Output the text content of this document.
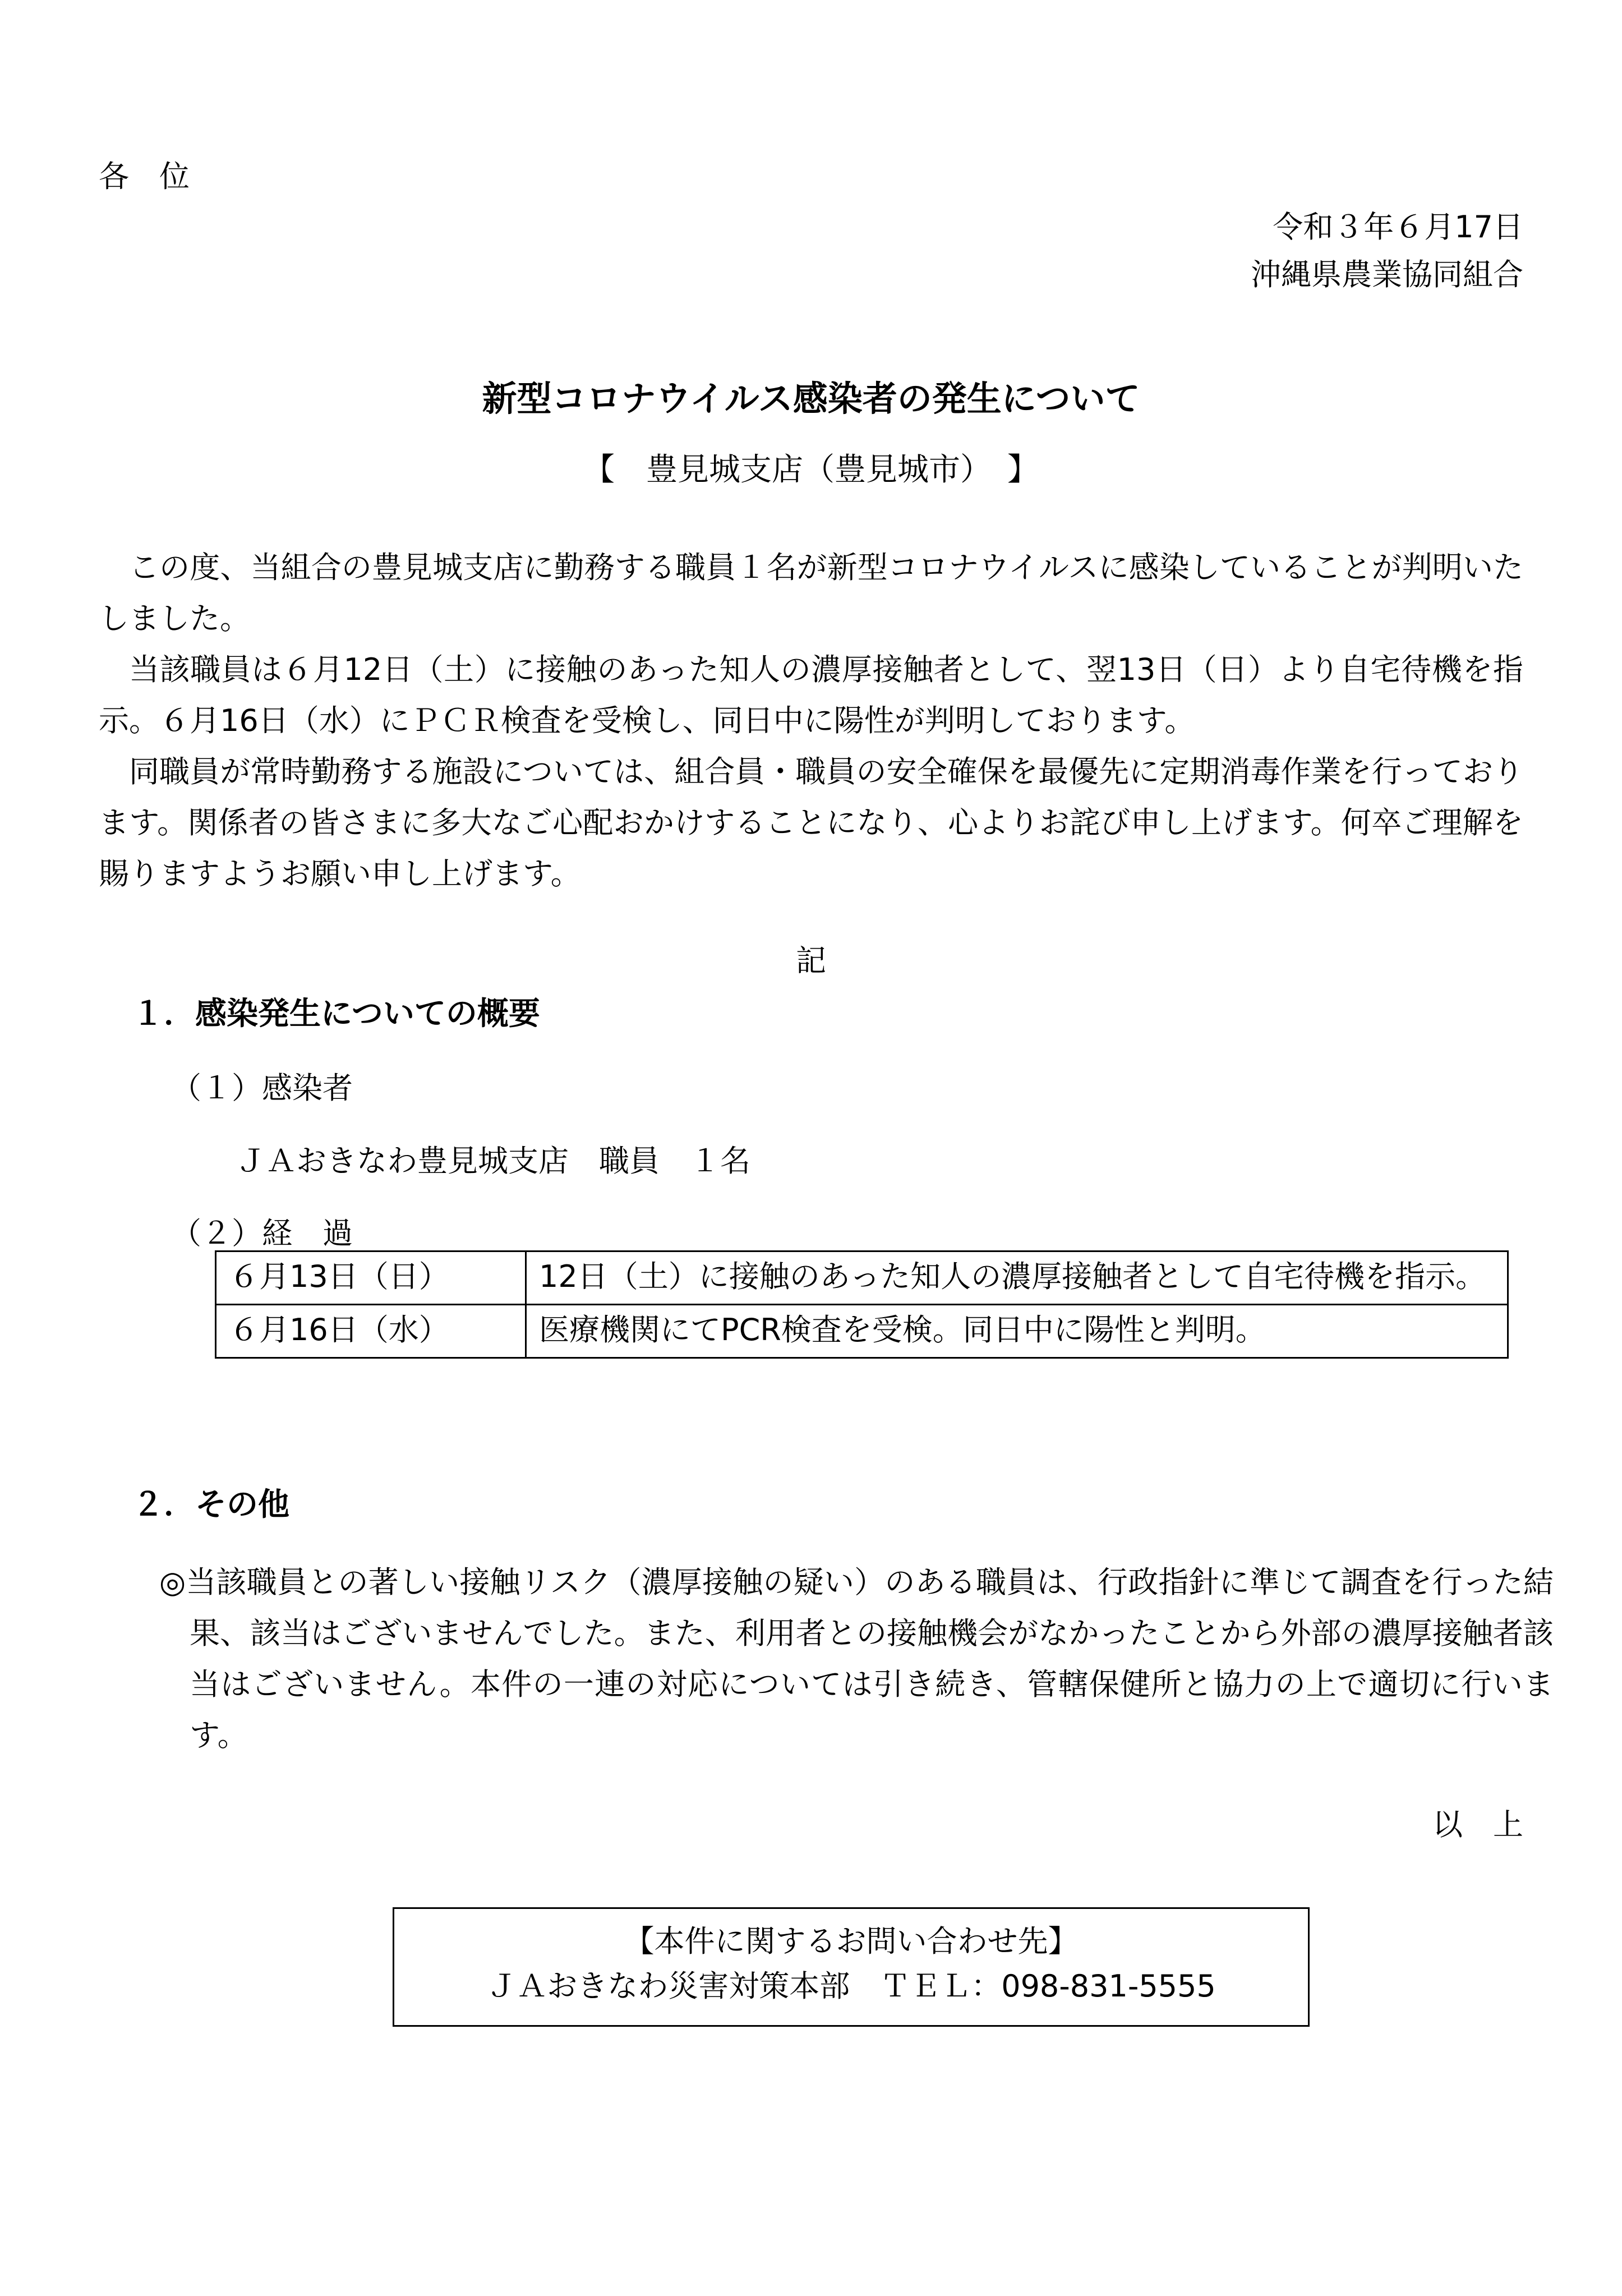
各　位
令和３年６月17日
沖縄県農業協同組合
新型コロナウイルス感染者の発生について
【　豊見城支店（豊見城市）　】
この度、当組合の豊見城支店に勤務する職員１名が新型コロナウイルスに感染していることが判明いたしました。
当該職員は６月12日（土）に接触のあった知人の濃厚接触者として、翌13日（日）より自宅待機を指示。６月16日（水）にＰＣＲ検査を受検し、同日中に陽性が判明しております。
同職員が常時勤務する施設については、組合員・職員の安全確保を最優先に定期消毒作業を行っております。関係者の皆さまに多大なご心配おかけすることになり、心よりお詫び申し上げます。何卒ご理解を賜りますようお願い申し上げます。
記
１．感染発生についての概要
（１）感染者
ＪＡおきなわ豊見城支店　職員　１名
（２）経　過
６月13日（日）	12日（土）に接触のあった知人の濃厚接触者として自宅待機を指示。
６月16日（水）	医療機関にてPCR検査を受検。同日中に陽性と判明。
２．その他
◎当該職員との著しい接触リスク（濃厚接触の疑い）のある職員は、行政指針に準じて調査を行った結果、該当はございませんでした。また、利用者との接触機会がなかったことから外部の濃厚接触者該当はございません。本件の一連の対応については引き続き、管轄保健所と協力の上で適切に行います。
以　上
【本件に関するお問い合わせ先】
ＪＡおきなわ災害対策本部　ＴＥＬ：098-831-5555
